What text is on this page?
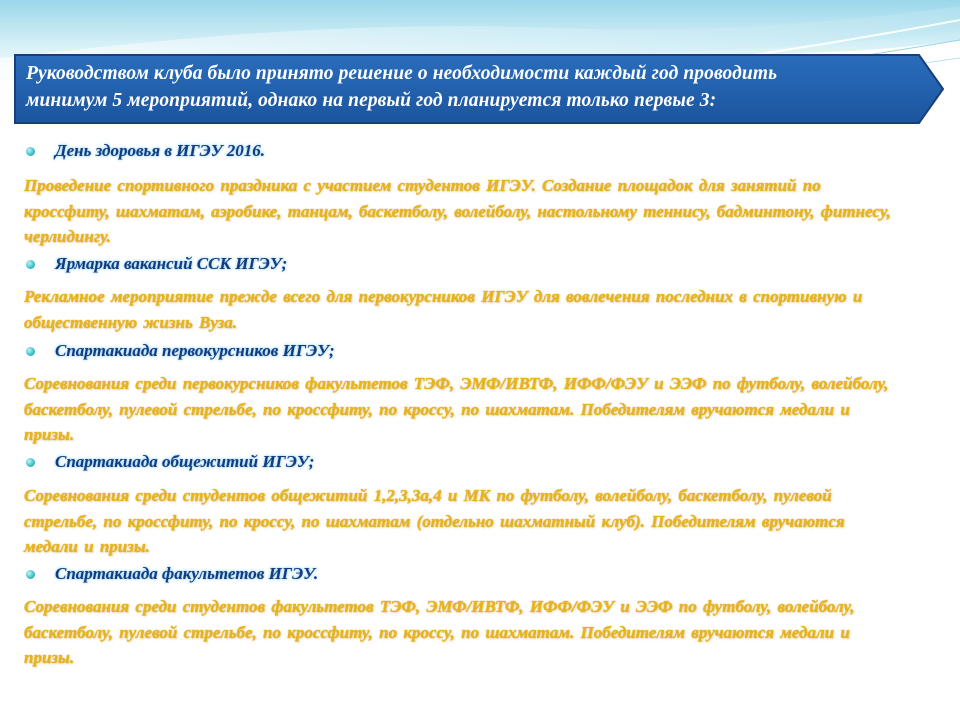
Руководством клуба было принято решение о необходимости каждый год проводить
минимум 5 мероприятий, однако на первый год планируется только первые 3:
День здоровья в ИГЭУ 2016.
Проведение спортивного праздника с участием студентов ИГЭУ. Создание площадок для занятий по кроссфиту, шахматам, аэробике, танцам, баскетболу, волейболу, настольному теннису, бадминтону, фитнесу, черлидингу.
Ярмарка вакансий ССК ИГЭУ;
Рекламное мероприятие прежде всего для первокурсников ИГЭУ для вовлечения последних в спортивную и общественную жизнь Вуза.
Спартакиада первокурсников ИГЭУ;
Соревнования среди первокурсников факультетов ТЭФ, ЭМФ/ИВТФ, ИФФ/ФЭУ и ЭЭФ по футболу, волейболу, баскетболу, пулевой стрельбе, по кроссфиту, по кроссу, по шахматам. Победителям вручаются медали и призы.
Спартакиада общежитий ИГЭУ;
Соревнования среди студентов общежитий 1,2,3,3а,4 и МК по футболу, волейболу, баскетболу, пулевой стрельбе, по кроссфиту, по кроссу, по шахматам (отдельно шахматный клуб). Победителям вручаются медали и призы.
Спартакиада факультетов ИГЭУ.
Соревнования среди студентов факультетов ТЭФ, ЭМФ/ИВТФ, ИФФ/ФЭУ и ЭЭФ по футболу, волейболу, баскетболу, пулевой стрельбе, по кроссфиту, по кроссу, по шахматам. Победителям вручаются медали и призы.
